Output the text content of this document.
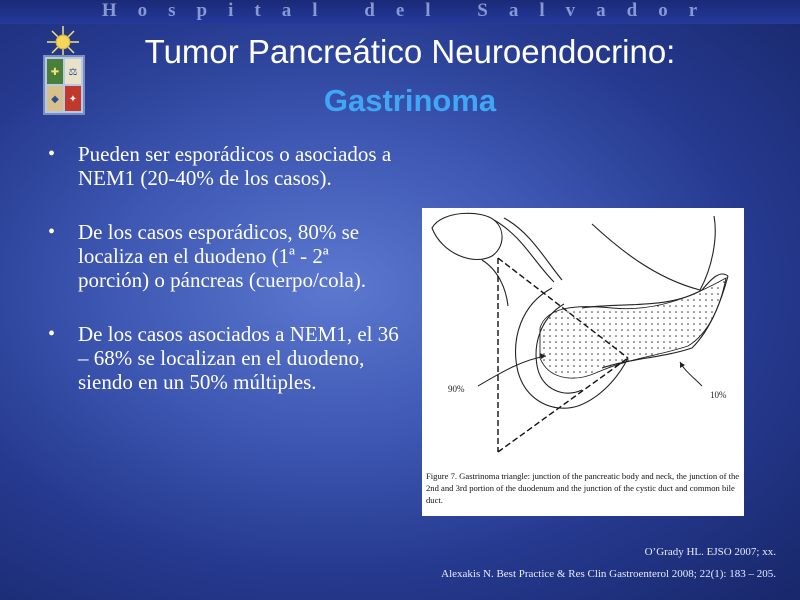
Hospital del Salvador
✚ ⚖
◆ ✦
Tumor Pancreático Neuroendocrino:
Gastrinoma
• Pueden ser esporádicos o asociados a NEM1 (20-40% de los casos).
• De los casos esporádicos, 80% se localiza en el duodeno (1ª - 2ª porción) o páncreas (cuerpo/cola).
• De los casos asociados a NEM1, el 36 – 68% se localizan en el duodeno, siendo en un 50% múltiples.	90%
10%
Figure 7. Gastrinoma triangle: junction of the pancreatic body and neck, the junction of the 2nd and 3rd portion of the duodenum and the junction of the cystic duct and common bile duct.
O’Grady HL. EJSO 2007; xx.
Alexakis N. Best Practice & Res Clin Gastroenterol 2008; 22(1): 183 – 205.
